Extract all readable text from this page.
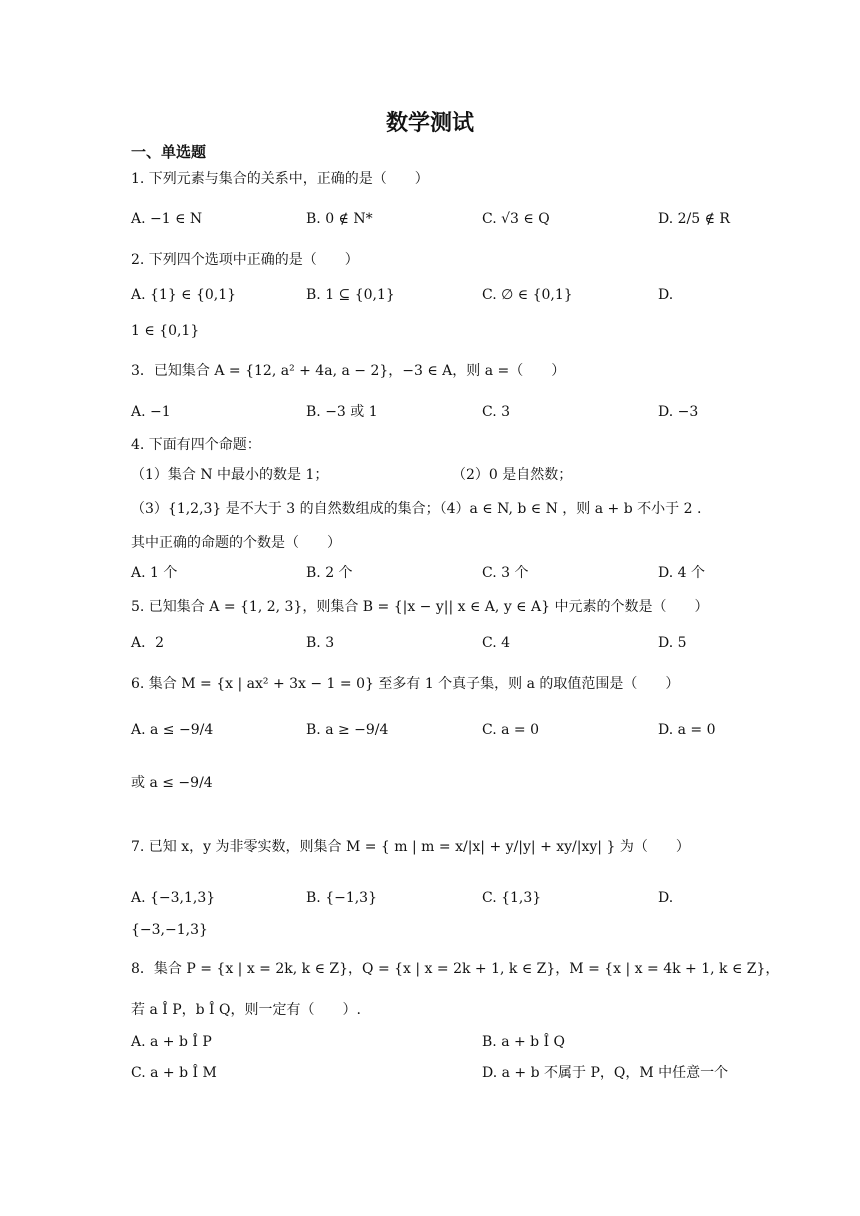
数学测试
一、单选题
1. 下列元素与集合的关系中，正确的是（　　）
A. −1 ∈ N	B. 0 ∉ N*	C. √3 ∈ Q	D. 2/5 ∉ R
2. 下列四个选项中正确的是（　　）
A. {1} ∈ {0,1}	B. 1 ⊆ {0,1}	C. ∅ ∈ {0,1}	D.
1 ∈ {0,1}
3．已知集合 A = {12, a² + 4a, a − 2}，−3 ∈ A，则 a =（　　）
A. −1	B. −3 或 1	C. 3	D. −3
4. 下面有四个命题：
（1）集合 N 中最小的数是 1；	（2）0 是自然数；
（3）{1,2,3} 是不大于 3 的自然数组成的集合；（4）a ∈ N, b ∈ N ，则 a + b 不小于 2 .
其中正确的命题的个数是（　　）
A. 1 个	B. 2 个	C. 3 个	D. 4 个
5. 已知集合 A = {1, 2, 3}，则集合 B = {|x − y|| x ∈ A, y ∈ A} 中元素的个数是（　　）
A．2	B. 3	C. 4	D. 5
6. 集合 M = {x | ax² + 3x − 1 = 0} 至多有 1 个真子集，则 a 的取值范围是（　　）
A. a ≤ −9/4	B. a ≥ −9/4	C. a = 0	D. a = 0
或 a ≤ −9/4
7. 已知 x，y 为非零实数，则集合 M = { m | m = x/|x| + y/|y| + xy/|xy| } 为（　　）
A. {−3,1,3}	B. {−1,3}	C. {1,3}	D.
{−3,−1,3}
8．集合 P = {x | x = 2k, k ∈ Z}，Q = {x | x = 2k + 1, k ∈ Z}，M = {x | x = 4k + 1, k ∈ Z}，
若 a Î P，b Î Q，则一定有（　　）.
A. a + b Î P	B. a + b Î Q
C. a + b Î M	D. a + b 不属于 P，Q，M 中任意一个
